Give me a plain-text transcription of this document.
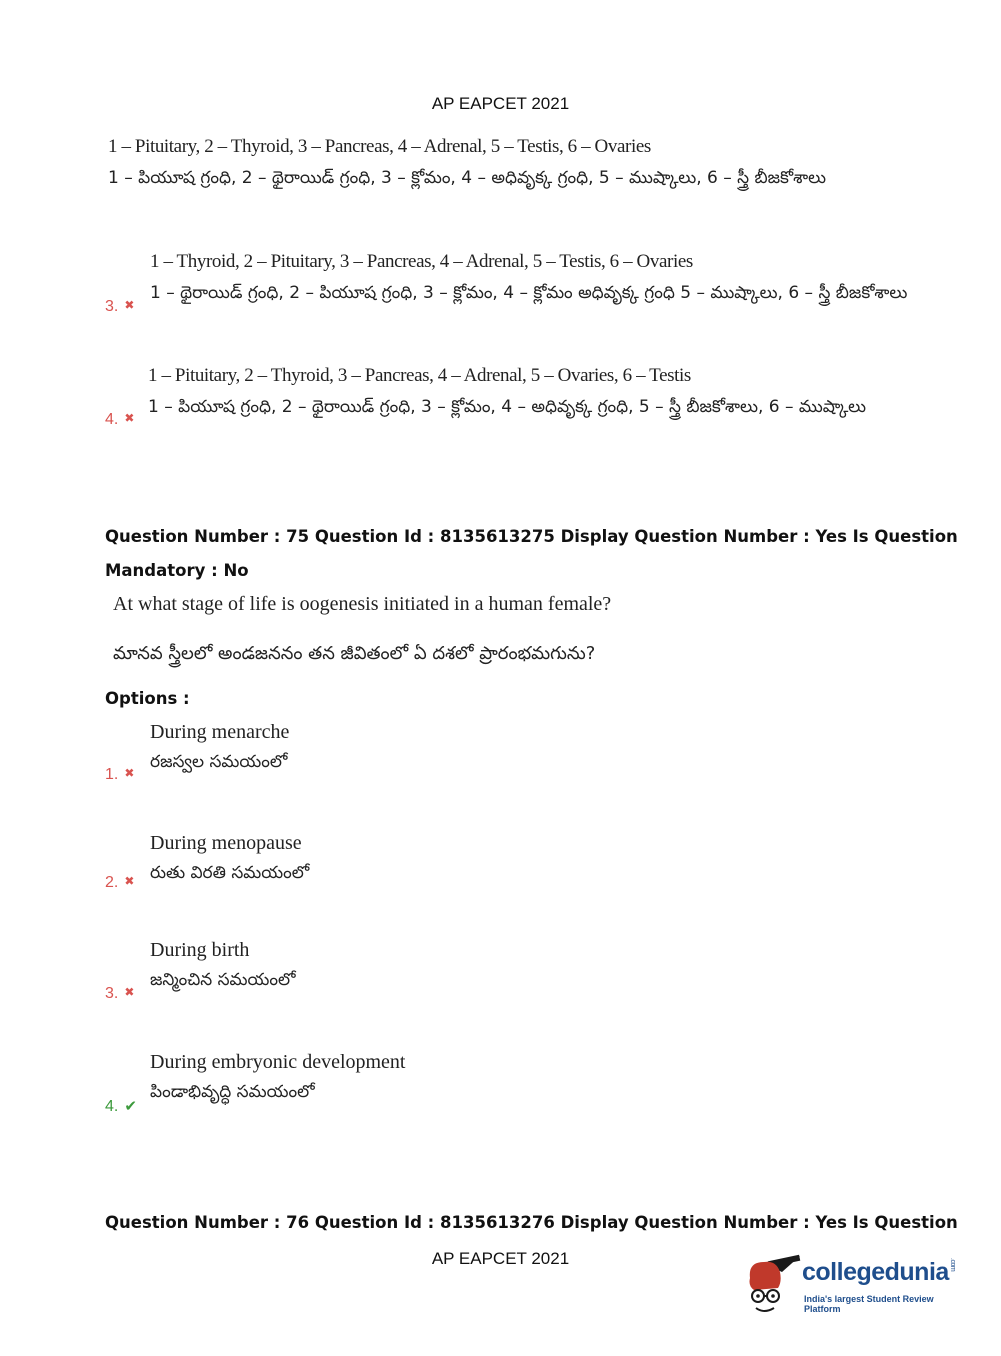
AP EAPCET 2021
1 – Pituitary, 2 – Thyroid, 3 – Pancreas, 4 – Adrenal, 5 – Testis, 6 – Ovaries
1 – పియూష గ్రంధి, 2 – థైరాయిడ్ గ్రంధి, 3 – క్లోమం, 4 – అధివృక్క గ్రంధి, 5 – ముష్కాలు, 6 – స్త్రీ బీజకోశాలు
1 – Thyroid, 2 – Pituitary, 3 – Pancreas, 4 – Adrenal, 5 – Testis, 6 – Ovaries
1 – థైరాయిడ్ గ్రంధి, 2 – పియూష గ్రంధి, 3 – క్లోమం, 4 – క్లోమం అధివృక్క గ్రంధి 5 – ముష్కాలు, 6 – స్త్రీ బీజకోశాలు
3. ✖
1 – Pituitary, 2 – Thyroid, 3 – Pancreas, 4 – Adrenal, 5 – Ovaries, 6 – Testis
1 – పియూష గ్రంధి, 2 – థైరాయిడ్ గ్రంధి, 3 – క్లోమం, 4 – అధివృక్క గ్రంధి, 5 – స్త్రీ బీజకోశాలు, 6 – ముష్కాలు
4. ✖
Question Number : 75 Question Id : 8135613275 Display Question Number : Yes Is Question
Mandatory : No
At what stage of life is oogenesis initiated in a human female?
మానవ స్త్రీలలో అండజననం తన జీవితంలో ఏ దశలో ప్రారంభమగును?
Options :
During menarche
రజస్వల సమయంలో
1. ✖
During menopause
రుతు విరతి సమయంలో
2. ✖
During birth
జన్మించిన సమయంలో
3. ✖
During embryonic development
పిండాభివృద్ధి సమయంలో
4. ✔
Question Number : 76 Question Id : 8135613276 Display Question Number : Yes Is Question
AP EAPCET 2021	collegedunia.com
India's largest Student Review Platform
